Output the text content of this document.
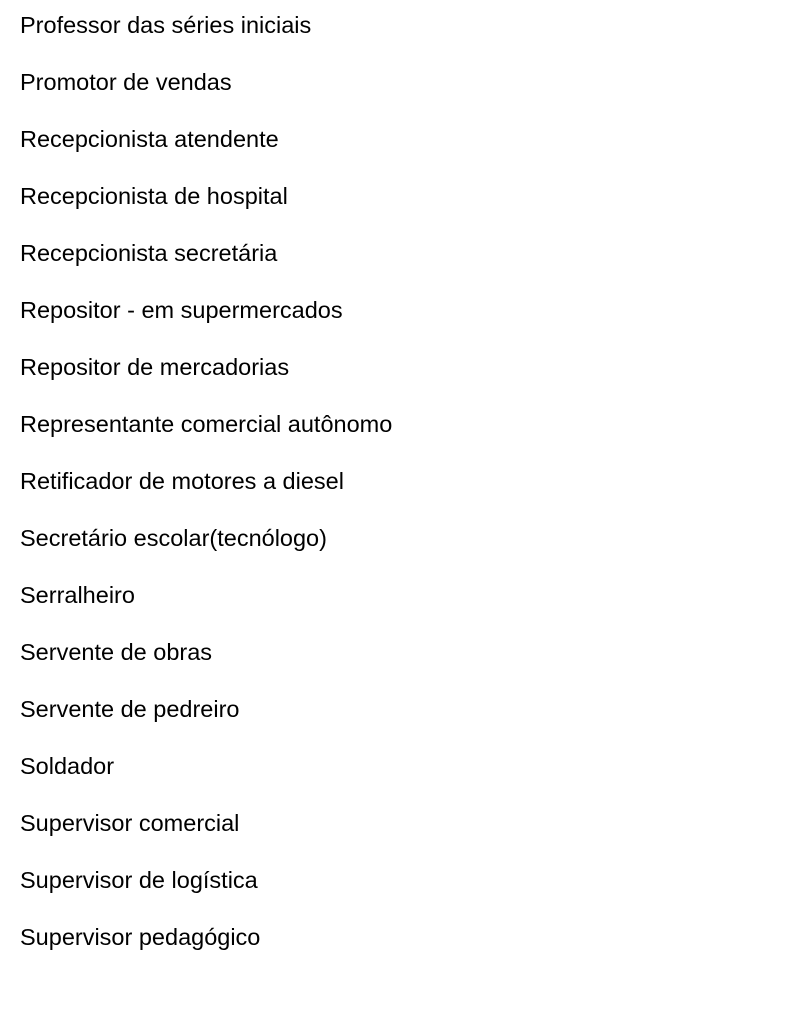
Professor das séries iniciais
Promotor de vendas
Recepcionista atendente
Recepcionista de hospital
Recepcionista secretária
Repositor - em supermercados
Repositor de mercadorias
Representante comercial autônomo
Retificador de motores a diesel
Secretário escolar(tecnólogo)
Serralheiro
Servente de obras
Servente de pedreiro
Soldador
Supervisor comercial
Supervisor de logística
Supervisor pedagógico
